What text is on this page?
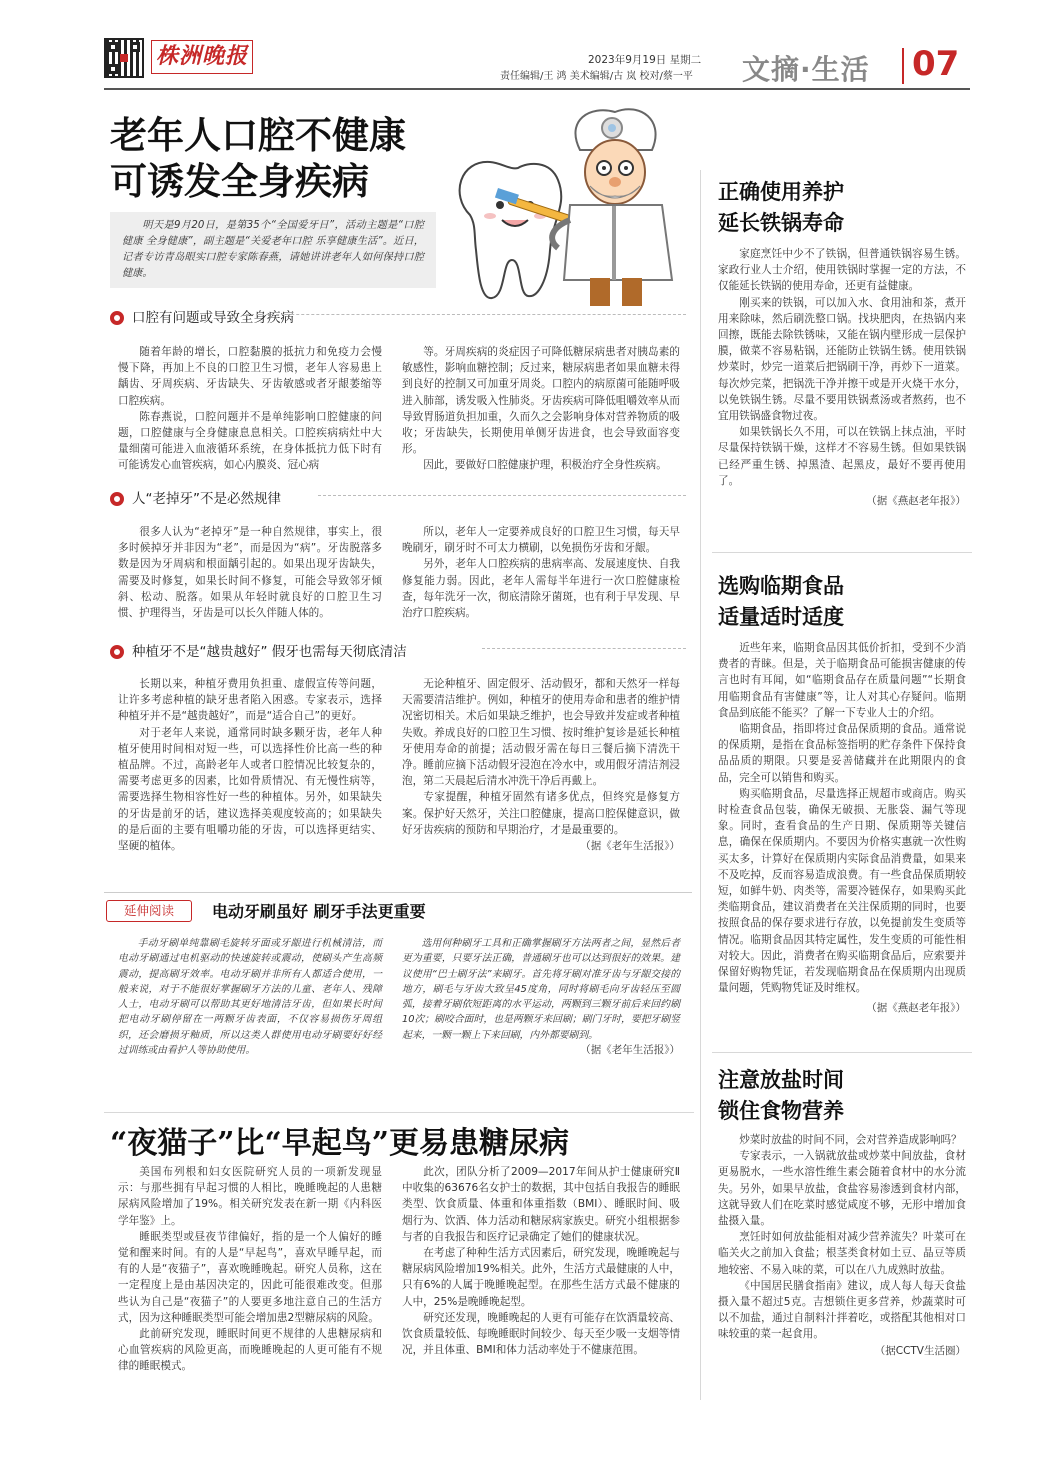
株洲晚报	2023年9月19日 星期二
责任编辑/王 鸿 美术编辑/古 岚 校对/蔡一平 文摘·生活 07
老年人口腔不健康
可诱发全身疾病
明天是9月20日，是第35个“全国爱牙日”，活动主题是“口腔健康 全身健康”，副主题是“关爱老年口腔 乐享健康生活”。近日，记者专访青岛眼实口腔专家陈春燕，请她讲讲老年人如何保持口腔健康。
口腔有问题或导致全身疾病

随着年龄的增长，口腔黏膜的抵抗力和免疫力会慢慢下降，再加上不良的口腔卫生习惯，老年人容易患上龋齿、牙周疾病、牙齿缺失、牙齿敏感或者牙龈萎缩等口腔疾病。

陈春燕说，口腔问题并不是单纯影响口腔健康的问题，口腔健康与全身健康息息相关。口腔疾病病灶中大量细菌可能进入血液循环系统，在身体抵抗力低下时有可能诱发心血管疾病，如心内膜炎、冠心病

等。牙周疾病的炎症因子可降低糖尿病患者对胰岛素的敏感性，影响血糖控制；反过来，糖尿病患者如果血糖未得到良好的控制又可加重牙周炎。口腔内的病原菌可能随呼吸进入肺部，诱发吸入性肺炎。牙齿疾病可降低咀嚼效率从而导致胃肠道负担加重，久而久之会影响身体对营养物质的吸收；牙齿缺失，长期使用单侧牙齿进食，也会导致面容变形。

因此，要做好口腔健康护理，积极治疗全身性疾病。

人“老掉牙”不是必然规律

很多人认为“老掉牙”是一种自然规律，事实上，很多时候掉牙并非因为“老”，而是因为“病”。牙齿脱落多数是因为牙周病和根面龋引起的。如果出现牙齿缺失，需要及时修复，如果长时间不修复，可能会导致邻牙倾斜、松动、脱落。如果从年轻时就良好的口腔卫生习惯、护理得当，牙齿是可以长久伴随人体的。

所以，老年人一定要养成良好的口腔卫生习惯，每天早晚刷牙，刷牙时不可太力横刷，以免损伤牙齿和牙龈。

另外，老年人口腔疾病的患病率高、发展速度快、自我修复能力弱。因此，老年人需每半年进行一次口腔健康检查，每年洗牙一次，彻底清除牙菌斑，也有利于早发现、早治疗口腔疾病。

种植牙不是“越贵越好” 假牙也需每天彻底清洁

长期以来，种植牙费用负担重、虚假宣传等问题，让许多考虑种植的缺牙患者陷入困惑。专家表示，选择种植牙并不是“越贵越好”，而是“适合自己”的更好。

对于老年人来说，通常同时缺多颗牙齿，老年人种植牙使用时间相对短一些，可以选择性价比高一些的种植品牌。不过，高龄老年人或者口腔情况比较复杂的，需要考虑更多的因素，比如骨质情况、有无慢性病等，需要选择生物相容性好一些的种植体。另外，如果缺失的牙齿是前牙的话，建议选择美观度较高的；如果缺失的是后面的主要有咀嚼功能的牙齿，可以选择更结实、坚硬的植体。

无论种植牙、固定假牙、活动假牙，都和天然牙一样每天需要清洁维护。例如，种植牙的使用寿命和患者的维护情况密切相关。术后如果缺乏维护，也会导致并发症或者种植失败。养成良好的口腔卫生习惯、按时维护复诊是延长种植牙使用寿命的前提；活动假牙需在每日三餐后摘下清洗干净。睡前应摘下活动假牙浸泡在冷水中，或用假牙清洁剂浸泡，第二天晨起后清水冲洗干净后再戴上。

专家提醒，种植牙固然有诸多优点，但终究是修复方案。保护好天然牙，关注口腔健康，提高口腔保健意识，做好牙齿疾病的预防和早期治疗，才是最重要的。

（据《老年生活报》）

延伸阅读	电动牙刷虽好 刷牙手法更重要

手动牙刷单纯靠刷毛旋转牙面或牙龈进行机械清洁，而电动牙刷通过电机驱动的快速旋转或震动，使刷头产生高频震动，提高刷牙效率。电动牙刷并非所有人都适合使用，一般来说，对于不能很好掌握刷牙方法的儿童、老年人、残障人士，电动牙刷可以帮助其更好地清洁牙齿，但如果长时间把电动牙刷停留在一两颗牙齿表面，不仅容易损伤牙周组织，还会磨损牙釉质，所以这类人群使用电动牙刷要好好经过训练或由看护人等协助使用。

选用何种刷牙工具和正确掌握刷牙方法两者之间，显然后者更为重要，只要牙法正确，普通刷牙也可以达到很好的效果。建议使用“巴士刷牙法”来刷牙。首先将牙刷对准牙齿与牙龈交接的地方，刷毛与牙齿大致呈45度角，同时将刷毛向牙齿轻压至圆弧，接着牙刷依短距离的水平运动，两颗到三颗牙前后来回约刷10次；刷咬合面时，也是两颗牙来回刷；刷门牙时，要把牙刷竖起来，一颗一颗上下来回刷，内外都要刷到。

（据《老年生活报》）

“夜猫子”比“早起鸟”更易患糖尿病

美国布列根和妇女医院研究人员的一项新发现显示：与那些拥有早起习惯的人相比，晚睡晚起的人患糖尿病风险增加了19%。相关研究发表在新一期《内科医学年鉴》上。

睡眠类型或昼夜节律偏好，指的是一个人偏好的睡觉和醒来时间。有的人是“早起鸟”，喜欢早睡早起，而有的人是“夜猫子”，喜欢晚睡晚起。研究人员称，这在一定程度上是由基因决定的，因此可能很难改变。但那些认为自己是“夜猫子”的人要更多地注意自己的生活方式，因为这种睡眠类型可能会增加患2型糖尿病的风险。

此前研究发现，睡眠时间更不规律的人患糖尿病和心血管疾病的风险更高，而晚睡晚起的人更可能有不规律的睡眠模式。

此次，团队分析了2009—2017年间从护士健康研究Ⅱ中收集的63676名女护士的数据，其中包括自我报告的睡眠类型、饮食质量、体重和体重指数（BMI）、睡眠时间、吸烟行为、饮酒、体力活动和糖尿病家族史。研究小组根据参与者的自我报告和医疗记录确定了她们的健康状况。

在考虑了种种生活方式因素后，研究发现，晚睡晚起与糖尿病风险增加19%相关。此外，生活方式最健康的人中，只有6%的人属于晚睡晚起型。在那些生活方式最不健康的人中，25%是晚睡晚起型。

研究还发现，晚睡晚起的人更有可能存在饮酒量较高、饮食质量较低、每晚睡眠时间较少、每天至少吸一支烟等情况，并且体重、BMI和体力活动率处于不健康范围。

正确使用养护
延长铁锅寿命

家庭烹饪中少不了铁锅，但普通铁锅容易生锈。家政行业人士介绍，使用铁锅时掌握一定的方法，不仅能延长铁锅的使用寿命，还更有益健康。

刚买来的铁锅，可以加入水、食用油和茶，煮开用来除味，然后刷洗整口锅。找块肥肉，在热锅内来回擦，既能去除铁锈味，又能在锅内壁形成一层保护膜，做菜不容易粘锅，还能防止铁锅生锈。使用铁锅炒菜时，炒完一道菜后把锅刷干净，再炒下一道菜。每次炒完菜，把锅洗干净并擦干或是开火烧干水分，以免铁锅生锈。尽量不要用铁锅煮汤或者熬药，也不宜用铁锅盛食物过夜。

如果铁锅长久不用，可以在铁锅上抹点油，平时尽量保持铁锅干燥，这样才不容易生锈。但如果铁锅已经严重生锈、掉黑渣、起黑皮，最好不要再使用了。

（据《燕赵老年报》）

选购临期食品
适量适时适度

近些年来，临期食品因其低价折扣，受到不少消费者的青睐。但是，关于临期食品可能损害健康的传言也时有耳闻，如“临期食品存在质量问题”“长期食用临期食品有害健康”等，让人对其心存疑问。临期食品到底能不能买？了解一下专业人士的介绍。

临期食品，指即将过食品保质期的食品。通常说的保质期，是指在食品标签指明的贮存条件下保持食品品质的期限。只要是妥善储藏并在此期限内的食品，完全可以销售和购买。

购买临期食品，尽量选择正规超市或商店。购买时检查食品包装，确保无破损、无胀袋、漏气等现象。同时，查看食品的生产日期、保质期等关键信息，确保在保质期内。不要因为价格实惠就一次性购买太多，计算好在保质期内实际食品消费量，如果来不及吃掉，反而容易造成浪费。有一些食品保质期较短，如鲜牛奶、肉类等，需要冷链保存，如果购买此类临期食品，建议消费者在关注保质期的同时，也要按照食品的保存要求进行存放，以免提前发生变质等情况。临期食品因其特定属性，发生变质的可能性相对较大。因此，消费者在购买临期食品后，应索要并保留好购物凭证，若发现临期食品在保质期内出现质量问题，凭购物凭证及时维权。

（据《燕赵老年报》）

注意放盐时间
锁住食物营养

炒菜时放盐的时间不同，会对营养造成影响吗？

专家表示，一入锅就放盐或炒菜中间放盐，食材更易脱水，一些水溶性维生素会随着食材中的水分流失。另外，如果早放盐，食盐容易渗透到食材内部，这就导致人们在吃菜时感觉咸度不够，无形中增加食盐摄入量。

烹饪时如何放盐能相对减少营养流失？叶菜可在临关火之前加入食盐；根茎类食材如土豆、晶豆等质地较密、不易入味的菜，可以在八九成熟时放盐。

《中国居民膳食指南》建议，成人每人每天食盐摄入量不超过5克。吉想锁住更多营养，炒蔬菜时可以不加盐，通过自制料汁拌着吃，或搭配其他相对口味较重的菜一起食用。

（据CCTV生活圈）
